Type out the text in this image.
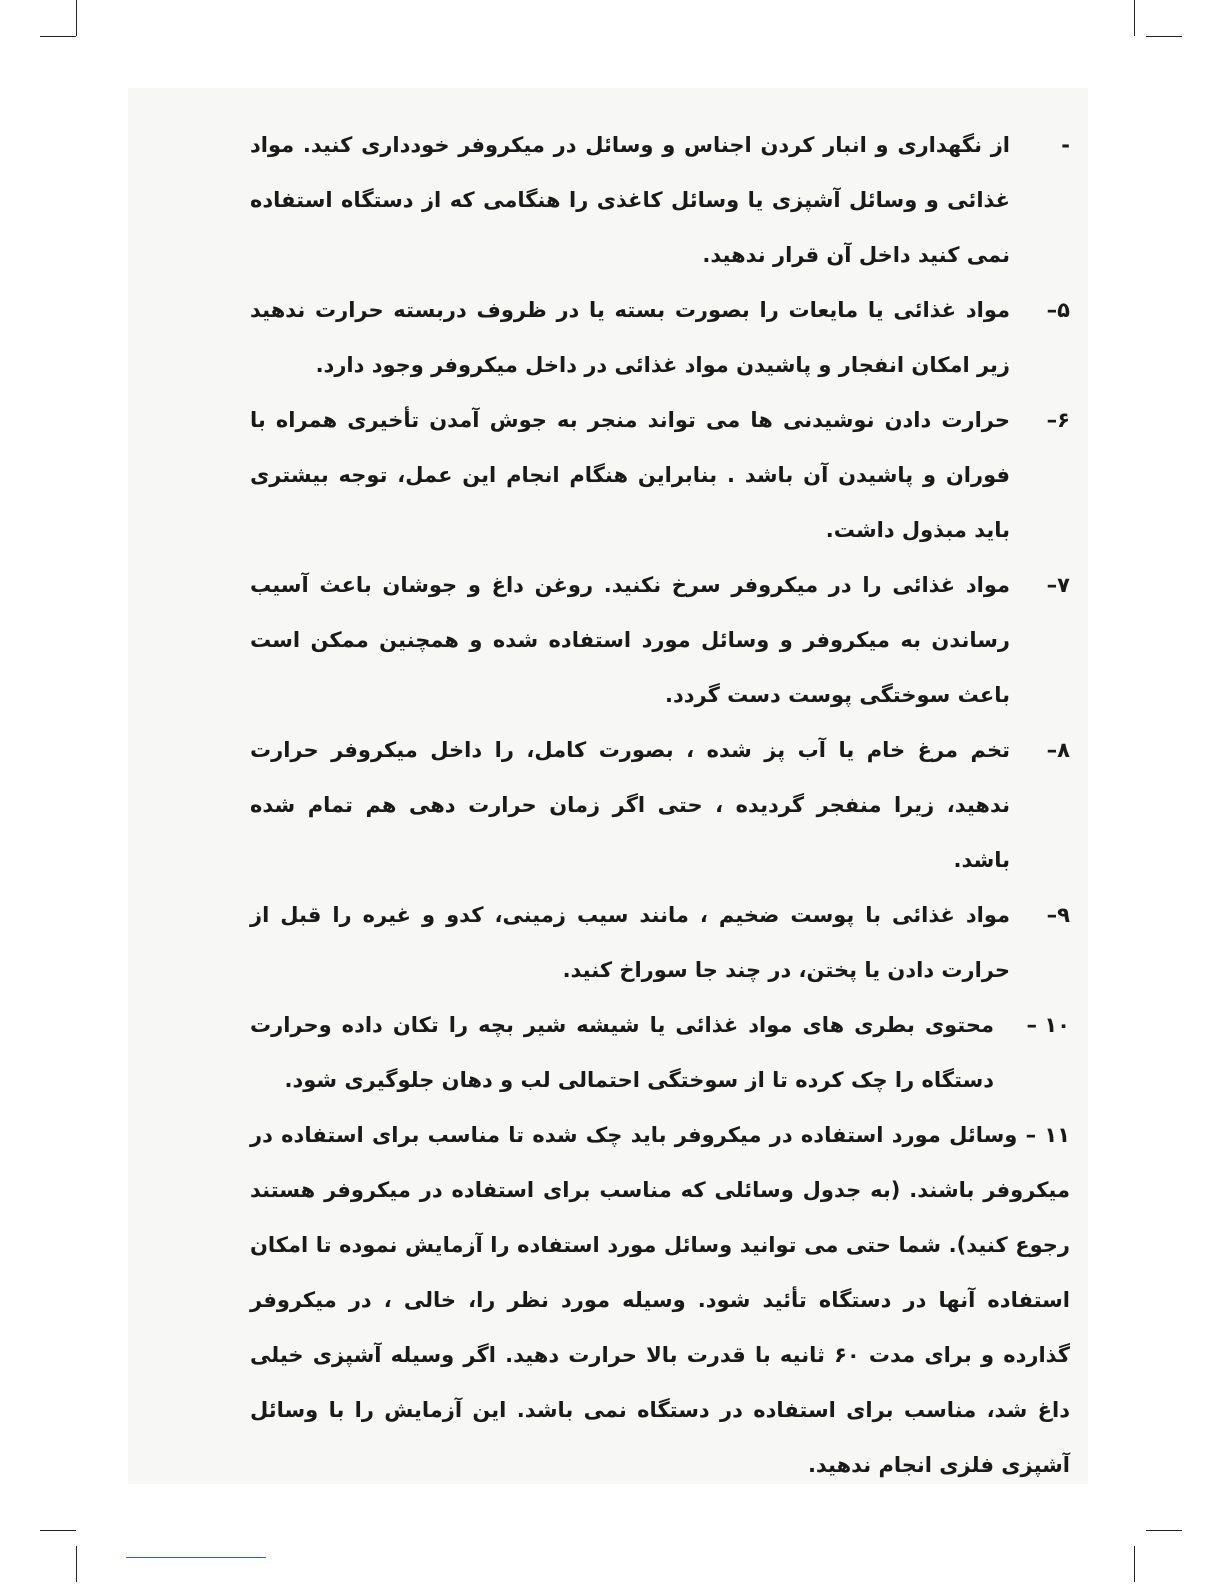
-
از نگهداری و انبار کردن اجناس و وسائل در میکروفر خودداری کنید. مواد غذائی و وسائل آشپزی یا وسائل کاغذی را هنگامی که از دستگاه استفاده نمی کنید داخل آن قرار ندهید.
۵–
مواد غذائی یا مایعات را بصورت بسته یا در ظروف دربسته حرارت ندهید زیر امکان انفجار و پاشیدن مواد غذائی در داخل میکروفر وجود دارد.
۶–
حرارت دادن نوشیدنی ها می تواند منجر به جوش آمدن تأخیری همراه با فوران و پاشیدن آن باشد . بنابراین هنگام انجام این عمل، توجه بیشتری باید مبذول داشت.
۷–
مواد غذائی را در میکروفر سرخ نکنید. روغن داغ و جوشان باعث آسیب رساندن به میکروفر و وسائل مورد استفاده شده و همچنین ممکن است باعث سوختگی پوست دست گردد.
۸–
تخم مرغ خام یا آب پز شده ، بصورت کامل، را داخل میکروفر حرارت ندهید، زیرا منفجر گردیده ، حتی اگر زمان حرارت دهی هم تمام شده باشد.
۹–
مواد غذائی با پوست ضخیم ، مانند سیب زمینی، کدو و غیره را قبل از حرارت دادن یا پختن، در چند جا سوراخ کنید.
۱۰ –
محتوی بطری های مواد غذائی یا شیشه شیر بچه را تکان داده وحرارت دستگاه را چک کرده تا از سوختگی احتمالی لب و دهان جلوگیری شود.
۱۱ – وسائل مورد استفاده در میکروفر باید چک شده تا مناسب برای استفاده در میکروفر باشند. (به جدول وسائلی که مناسب برای استفاده در میکروفر هستند رجوع کنید). شما حتی می توانید وسائل مورد استفاده را آزمایش نموده تا امکان استفاده آنها در دستگاه تأئید شود. وسیله مورد نظر را، خالی ، در میکروفر گذارده و برای مدت ۶۰ ثانیه با قدرت بالا حرارت دهید. اگر وسیله آشپزی خیلی داغ شد، مناسب برای استفاده در دستگاه نمی باشد. این آزمایش را با وسائل آشپزی فلزی انجام ندهید.
